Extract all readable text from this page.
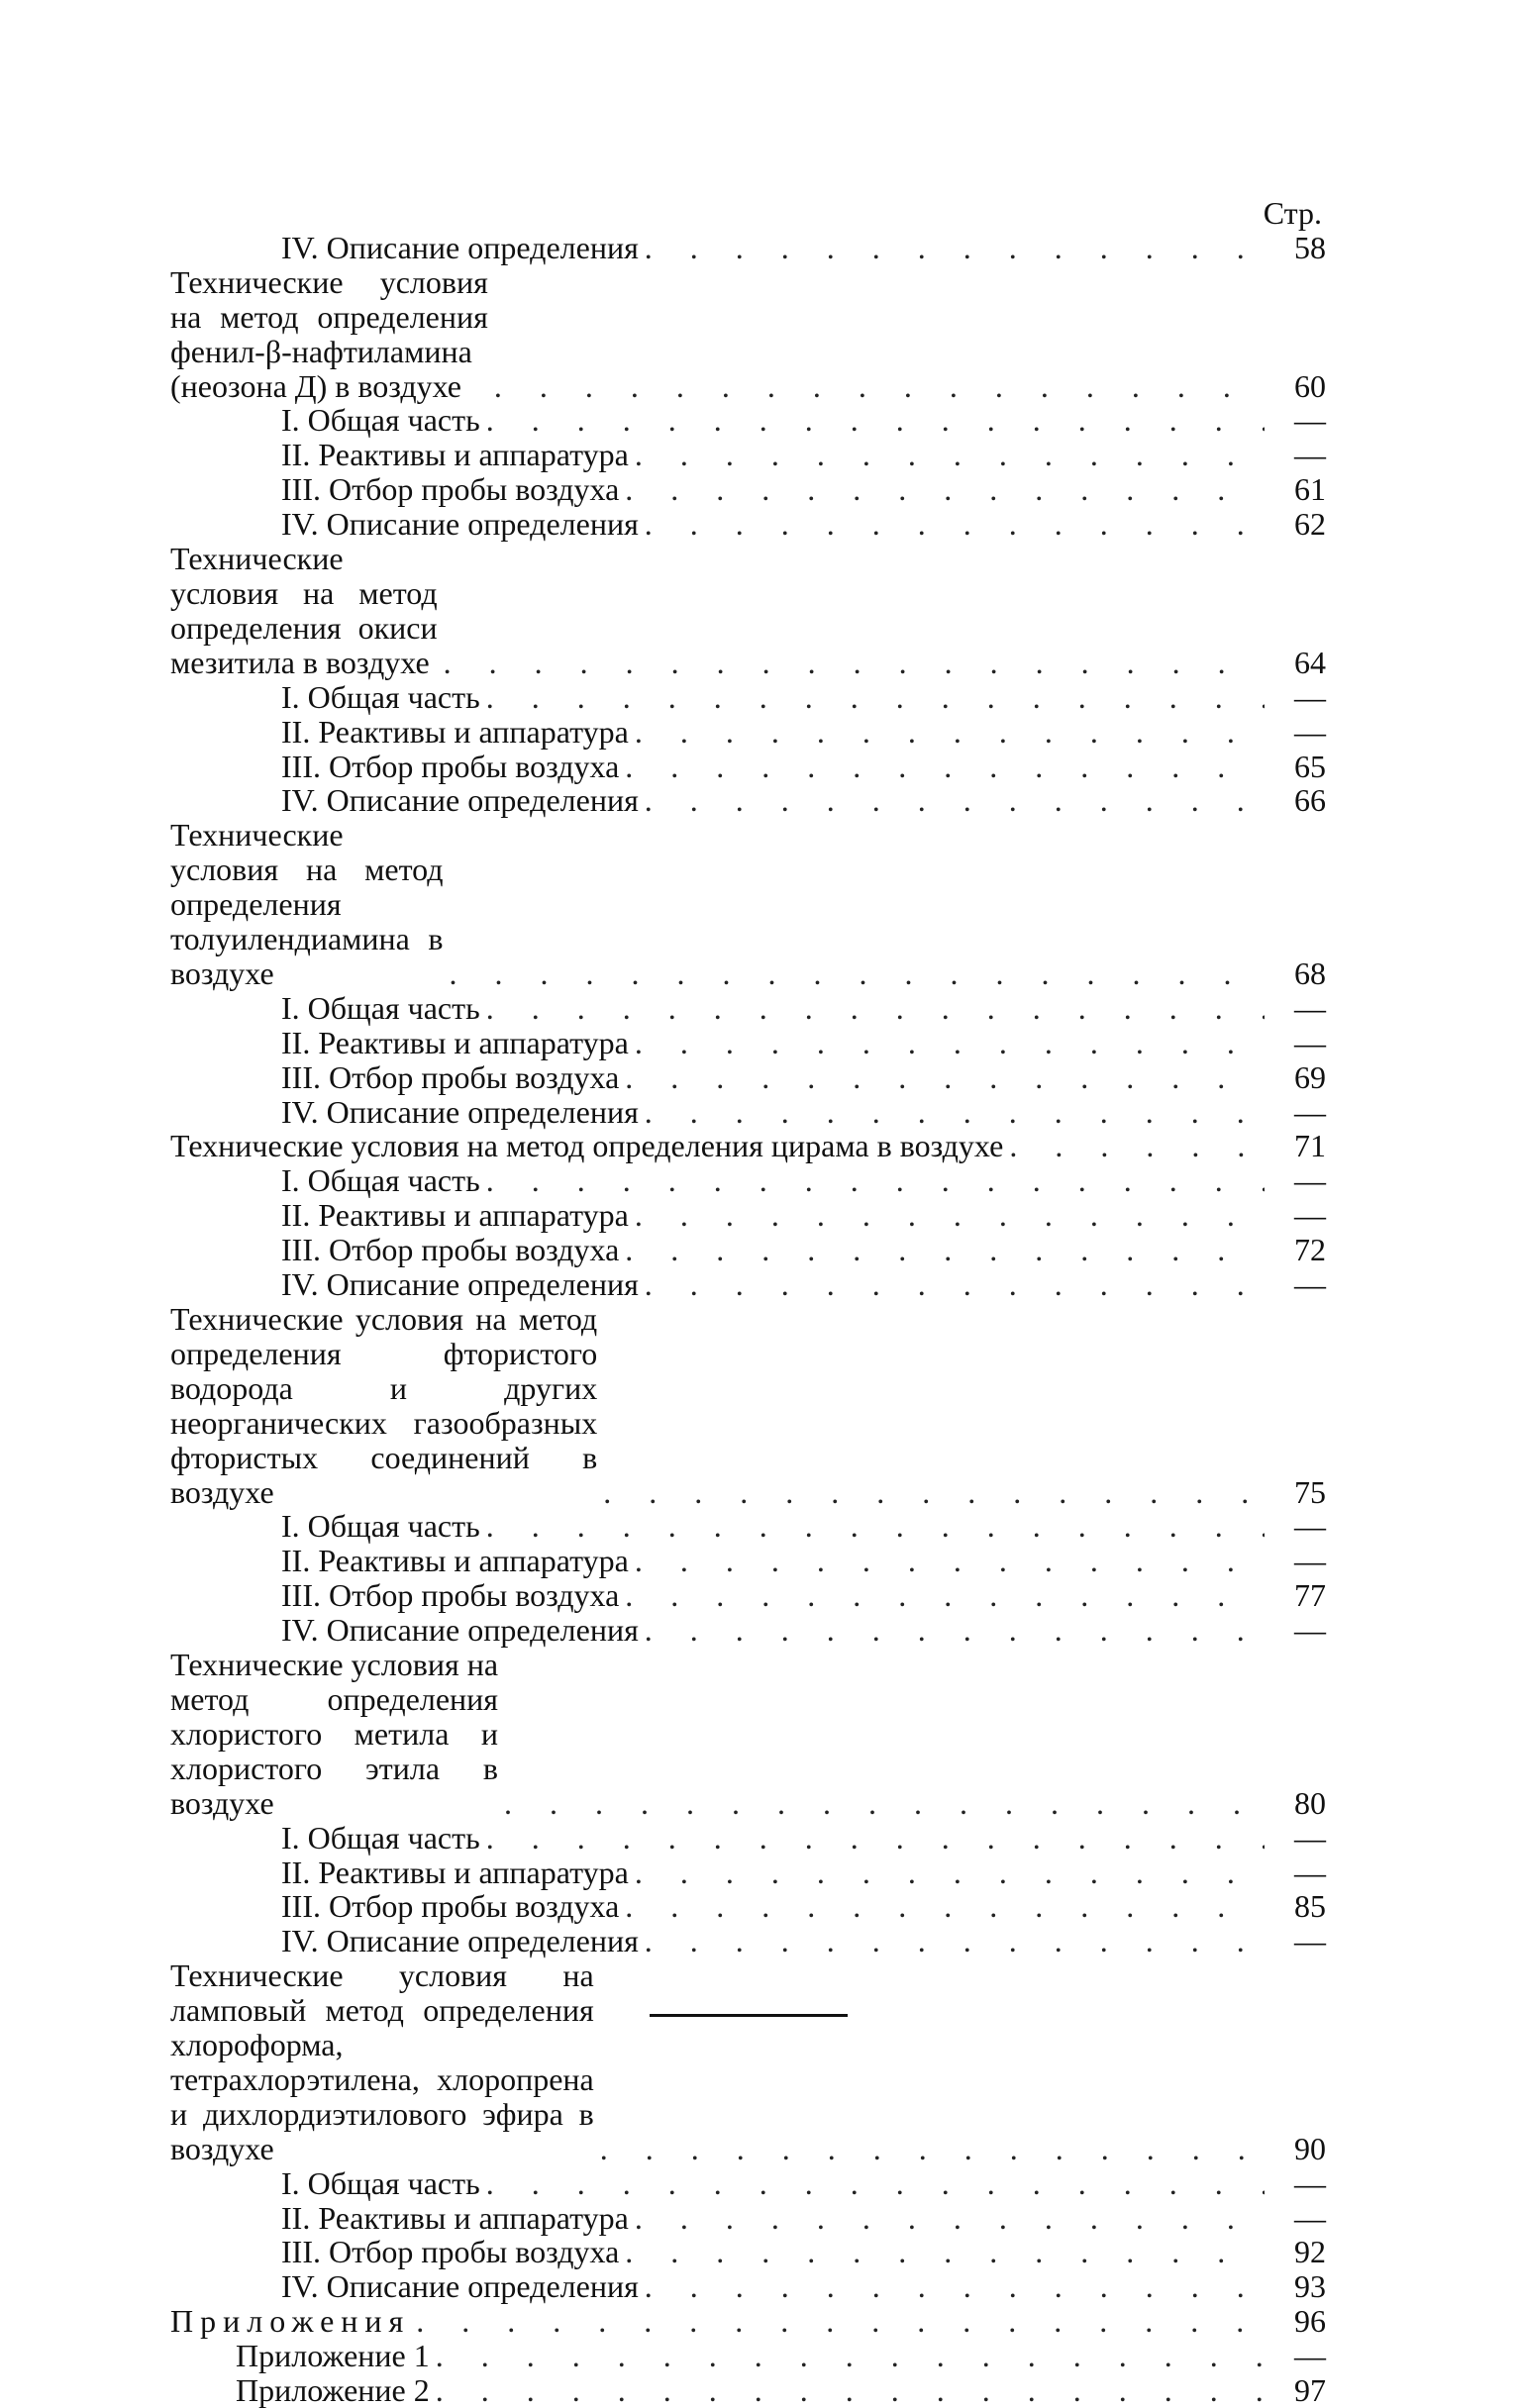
Стр.
IV. Описание определения . . .	58
Технические условия на метод определения фенил-β-нафтиламина (неозона Д) в воздухе . . .	60
I. Общая часть . . .	—
II. Реактивы и аппаратура . . .	—
III. Отбор пробы воздуха . . .	61
IV. Описание определения . . .	62
Технические условия на метод определения окиси мезитила в воздухе . . .	64
I. Общая часть . . .	—
II. Реактивы и аппаратура . . .	—
III. Отбор пробы воздуха . . .	65
IV. Описание определения . . .	66
Технические условия на метод определения толуилендиамина в воздухе . . .	68
I. Общая часть . . .	—
II. Реактивы и аппаратура . . .	—
III. Отбор пробы воздуха . . .	69
IV. Описание определения . . .	—
Технические условия на метод определения цирама в воздухе . . .	71
I. Общая часть . . .	—
II. Реактивы и аппаратура . . .	—
III. Отбор пробы воздуха . . .	72
IV. Описание определения . . .	—
Технические условия на метод определения фтористого водорода и других неорганических газообразных фтористых соединений в воздухе . . .	75
I. Общая часть . . .	—
II. Реактивы и аппаратура . . .	—
III. Отбор пробы воздуха . . .	77
IV. Описание определения . . .	—
Технические условия на метод определения хлористого метила и хлористого этила в воздухе . . .	80
I. Общая часть . . .	—
II. Реактивы и аппаратура . . .	—
III. Отбор пробы воздуха . . .	85
IV. Описание определения . . .	—
Технические условия на ламповый метод определения хлороформа, тетрахлорэтилена, хлоропрена и дихлордиэтилового эфира в воздухе . . .	90
I. Общая часть . . .	—
II. Реактивы и аппаратура . . .	—
III. Отбор пробы воздуха . . .	92
IV. Описание определения . . .	93
Приложения . . .	96
Приложение 1 . . .	—
Приложение 2 . . .	97
